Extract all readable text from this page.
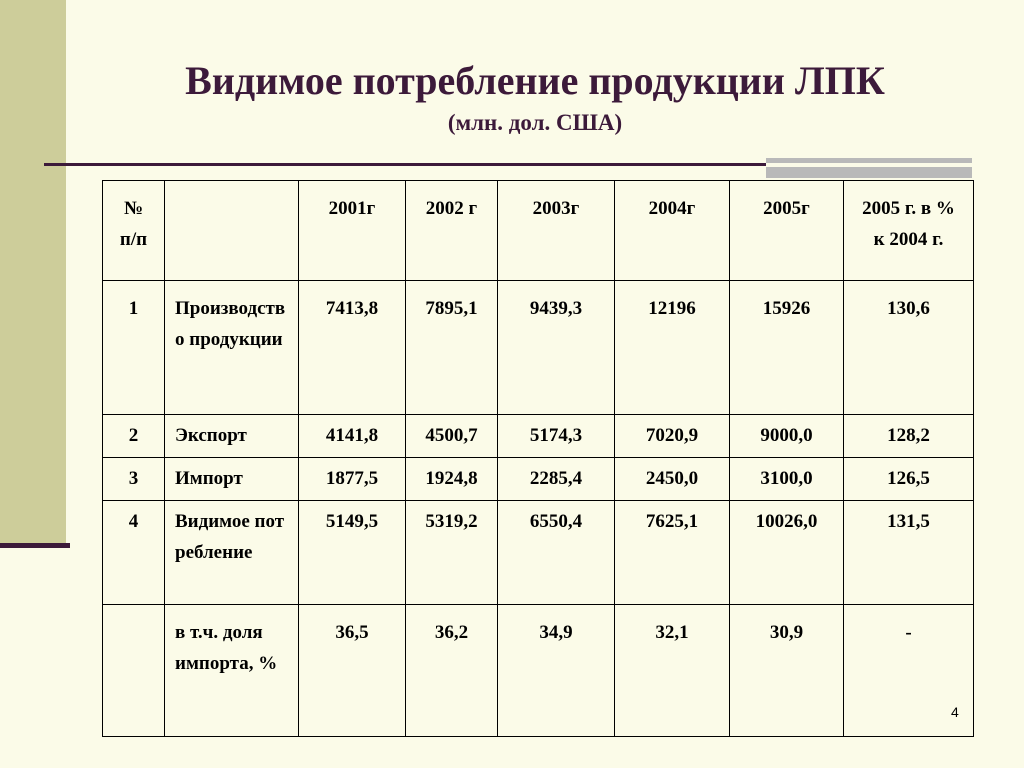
Видимое потребление продукции ЛПК
(млн. дол. США)
№ п/п		2001г	2002 г	2003г	2004г	2005г	2005 г. в % к 2004 г.
1	Производство продукции	7413,8	7895,1	9439,3	12196	15926	130,6
2	Экспорт	4141,8	4500,7	5174,3	7020,9	9000,0	128,2
3	Импорт	1877,5	1924,8	2285,4	2450,0	3100,0	126,5
4	Видимое потребление	5149,5	5319,2	6550,4	7625,1	10026,0	131,5
	в т.ч. доля импорта, %	36,5	36,2	34,9	32,1	30,9	-
4
